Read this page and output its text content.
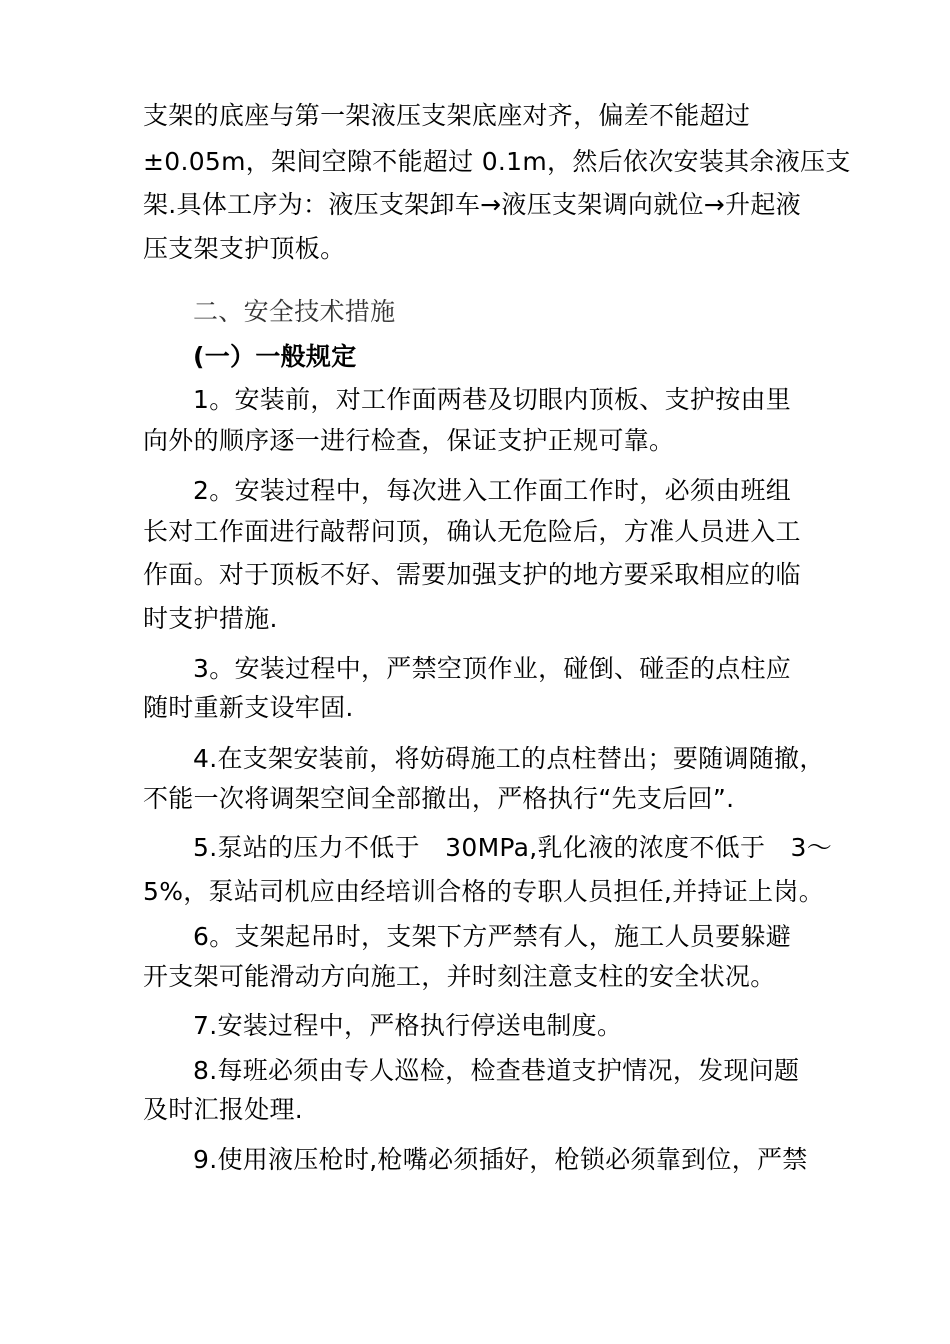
支架的底座与第一架液压支架底座对齐，偏差不能超过
±0.05m，架间空隙不能超过 0.1m，然后依次安装其余液压支
架.具体工序为：液压支架卸车→液压支架调向就位→升起液
压支架支护顶板。
二、安全技术措施
(一）一般规定
1。安装前，对工作面两巷及切眼内顶板、支护按由里
向外的顺序逐一进行检查，保证支护正规可靠。
2。安装过程中，每次进入工作面工作时，必须由班组
长对工作面进行敲帮问顶，确认无危险后，方准人员进入工
作面。对于顶板不好、需要加强支护的地方要采取相应的临
时支护措施.
3。安装过程中，严禁空顶作业，碰倒、碰歪的点柱应
随时重新支设牢固.
4.在支架安装前，将妨碍施工的点柱替出；要随调随撤，
不能一次将调架空间全部撤出，严格执行“先支后回”.
5.泵站的压力不低于　30MPa,乳化液的浓度不低于　3～
5%，泵站司机应由经培训合格的专职人员担任,并持证上岗。
6。支架起吊时，支架下方严禁有人，施工人员要躲避
开支架可能滑动方向施工，并时刻注意支柱的安全状况。
7.安装过程中，严格执行停送电制度。
8.每班必须由专人巡检，检查巷道支护情况，发现问题
及时汇报处理.
9.使用液压枪时,枪嘴必须插好，枪锁必须靠到位，严禁
